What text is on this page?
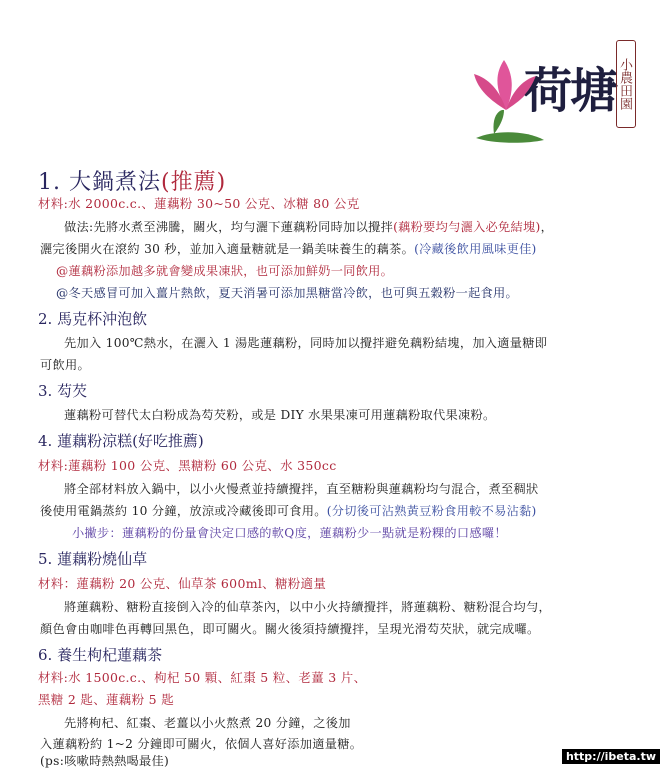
荷塘 小農田園
1. 大鍋煮法(推薦)
材料:水 2000c.c.、蓮藕粉 30~50 公克、冰糖 80 公克
做法:先將水煮至沸騰，關火，均勻灑下蓮藕粉同時加以攪拌(藕粉要均勻灑入必免結塊)，
灑完後開火在滾約 30 秒，並加入適量糖就是一鍋美味養生的藕茶。(冷藏後飲用風味更佳)
@蓮藕粉添加越多就會變成果凍狀，也可添加鮮奶一同飲用。
@冬天感冒可加入薑片熱飲，夏天消暑可添加黑糖當冷飲，也可與五穀粉一起食用。
2. 馬克杯沖泡飲
先加入 100℃熱水，在灑入 1 湯匙蓮藕粉，同時加以攪拌避免藕粉結塊，加入適量糖即
可飲用。
3. 芶芡
蓮藕粉可替代太白粉成為芶芡粉，或是 DIY 水果果凍可用蓮藕粉取代果凍粉。
4. 蓮藕粉涼糕(好吃推薦)
材料:蓮藕粉 100 公克、黑糖粉 60 公克、水 350cc
將全部材料放入鍋中，以小火慢煮並持續攪拌，直至糖粉與蓮藕粉均勻混合，煮至稠狀
後使用電鍋蒸約 10 分鐘，放涼或冷藏後即可食用。(分切後可沾熟黃豆粉食用較不易沾黏)
小撇步：蓮藕粉的份量會決定口感的軟Q度，蓮藕粉少一點就是粉粿的口感囉！
5. 蓮藕粉燒仙草
材料：蓮藕粉 20 公克、仙草茶 600ml、糖粉適量
將蓮藕粉、糖粉直接倒入冷的仙草茶內，以中小火持續攪拌，將蓮藕粉、糖粉混合均勻，
顏色會由咖啡色再轉回黑色，即可關火。關火後須持續攪拌，呈現光滑芶芡狀，就完成囉。
6. 養生枸杞蓮藕茶
材料:水 1500c.c.、枸杞 50 顆、紅棗 5 粒、老薑 3 片、
黑糖 2 匙、蓮藕粉 5 匙
先將枸杞、紅棗、老薑以小火熬煮 20 分鐘，之後加
入蓮藕粉約 1~2 分鐘即可關火，依個人喜好添加適量糖。
(ps:咳嗽時熱熱喝最佳)	http://ibeta.tw
